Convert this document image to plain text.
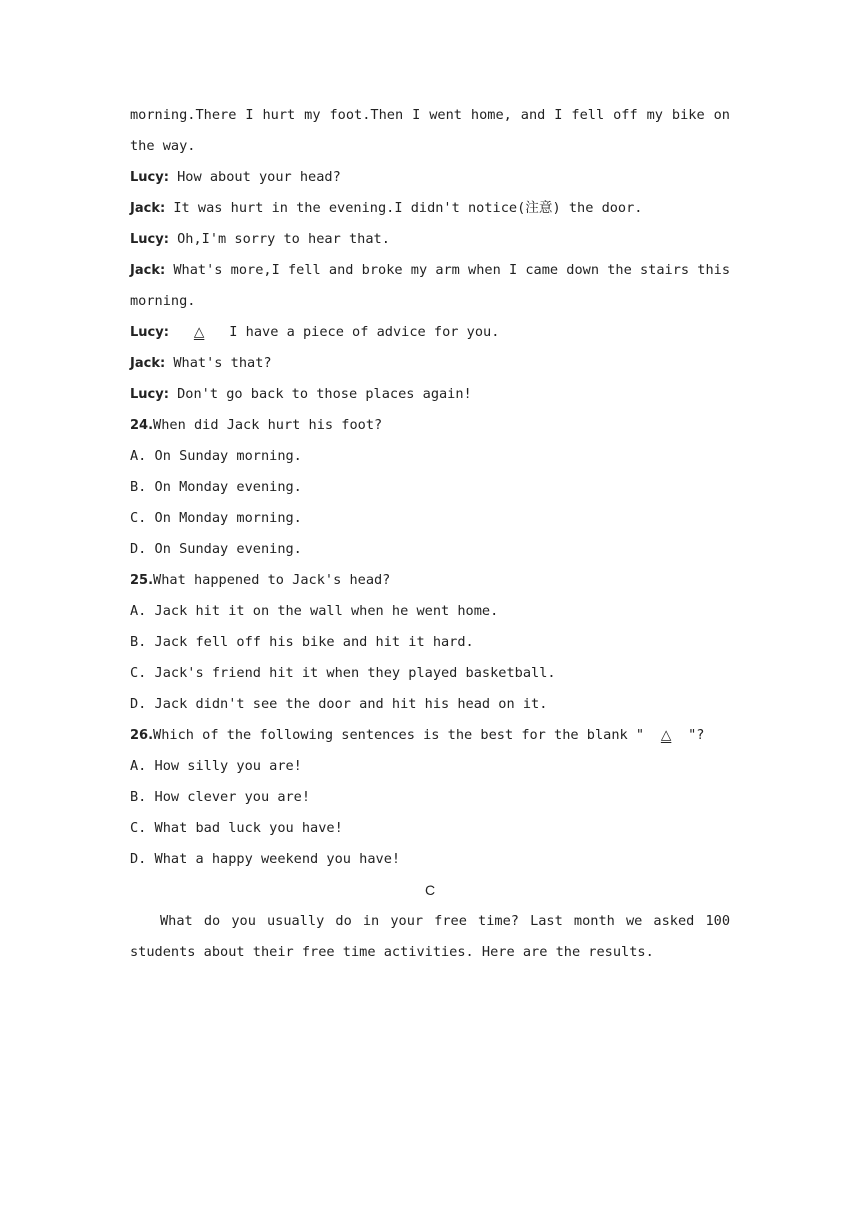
morning.There I hurt my foot.Then I went home, and I fell off my bike on the way.
Lucy: How about your head?
Jack: It was hurt in the evening.I didn't notice(注意) the door.
Lucy: Oh,I'm sorry to hear that.
Jack: What's more,I fell and broke my arm when I came down the stairs this morning.
Lucy: △ I have a piece of advice for you.
Jack: What's that?
Lucy: Don't go back to those places again!
24.When did Jack hurt his foot?
A. On Sunday morning.
B. On Monday evening.
C. On Monday morning.
D. On Sunday evening.
25.What happened to Jack's head?
A. Jack hit it on the wall when he went home.
B. Jack fell off his bike and hit it hard.
C. Jack's friend hit it when they played basketball.
D. Jack didn't see the door and hit his head on it.
26.Which of the following sentences is the best for the blank " △ "?
A. How silly you are!
B. How clever you are!
C. What bad luck you have!
D. What a happy weekend you have!
C
What do you usually do in your free time? Last month we asked 100 students about their free time activities. Here are the results.
